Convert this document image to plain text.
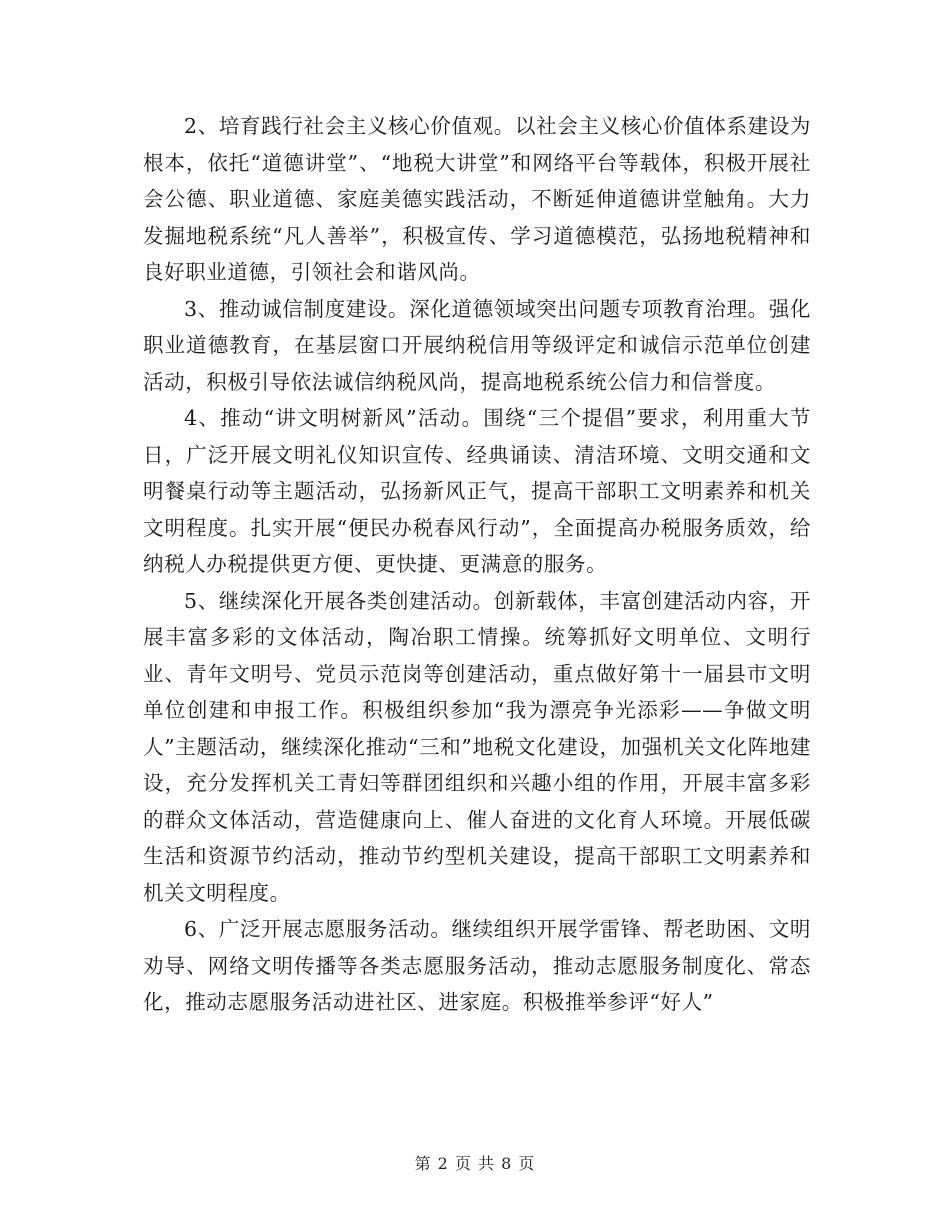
2、培育践行社会主义核心价值观。以社会主义核心价值体系建设为根本，依托“道德讲堂”、“地税大讲堂”和网络平台等载体，积极开展社会公德、职业道德、家庭美德实践活动，不断延伸道德讲堂触角。大力发掘地税系统“凡人善举”，积极宣传、学习道德模范，弘扬地税精神和良好职业道德，引领社会和谐风尚。

3、推动诚信制度建设。深化道德领域突出问题专项教育治理。强化职业道德教育，在基层窗口开展纳税信用等级评定和诚信示范单位创建活动，积极引导依法诚信纳税风尚，提高地税系统公信力和信誉度。

4、推动“讲文明树新风”活动。围绕“三个提倡”要求，利用重大节日，广泛开展文明礼仪知识宣传、经典诵读、清洁环境、文明交通和文明餐桌行动等主题活动，弘扬新风正气，提高干部职工文明素养和机关文明程度。扎实开展“便民办税春风行动”，全面提高办税服务质效，给纳税人办税提供更方便、更快捷、更满意的服务。

5、继续深化开展各类创建活动。创新载体，丰富创建活动内容，开展丰富多彩的文体活动，陶冶职工情操。统筹抓好文明单位、文明行业、青年文明号、党员示范岗等创建活动，重点做好第十一届县市文明单位创建和申报工作。积极组织参加“我为漂亮争光添彩——争做文明人”主题活动，继续深化推动“三和”地税文化建设，加强机关文化阵地建设，充分发挥机关工青妇等群团组织和兴趣小组的作用，开展丰富多彩的群众文体活动，营造健康向上、催人奋进的文化育人环境。开展低碳生活和资源节约活动，推动节约型机关建设，提高干部职工文明素养和机关文明程度。

6、广泛开展志愿服务活动。继续组织开展学雷锋、帮老助困、文明劝导、网络文明传播等各类志愿服务活动，推动志愿服务制度化、常态化，推动志愿服务活动进社区、进家庭。积极推举参评“好人”

第 2 页 共 8 页
